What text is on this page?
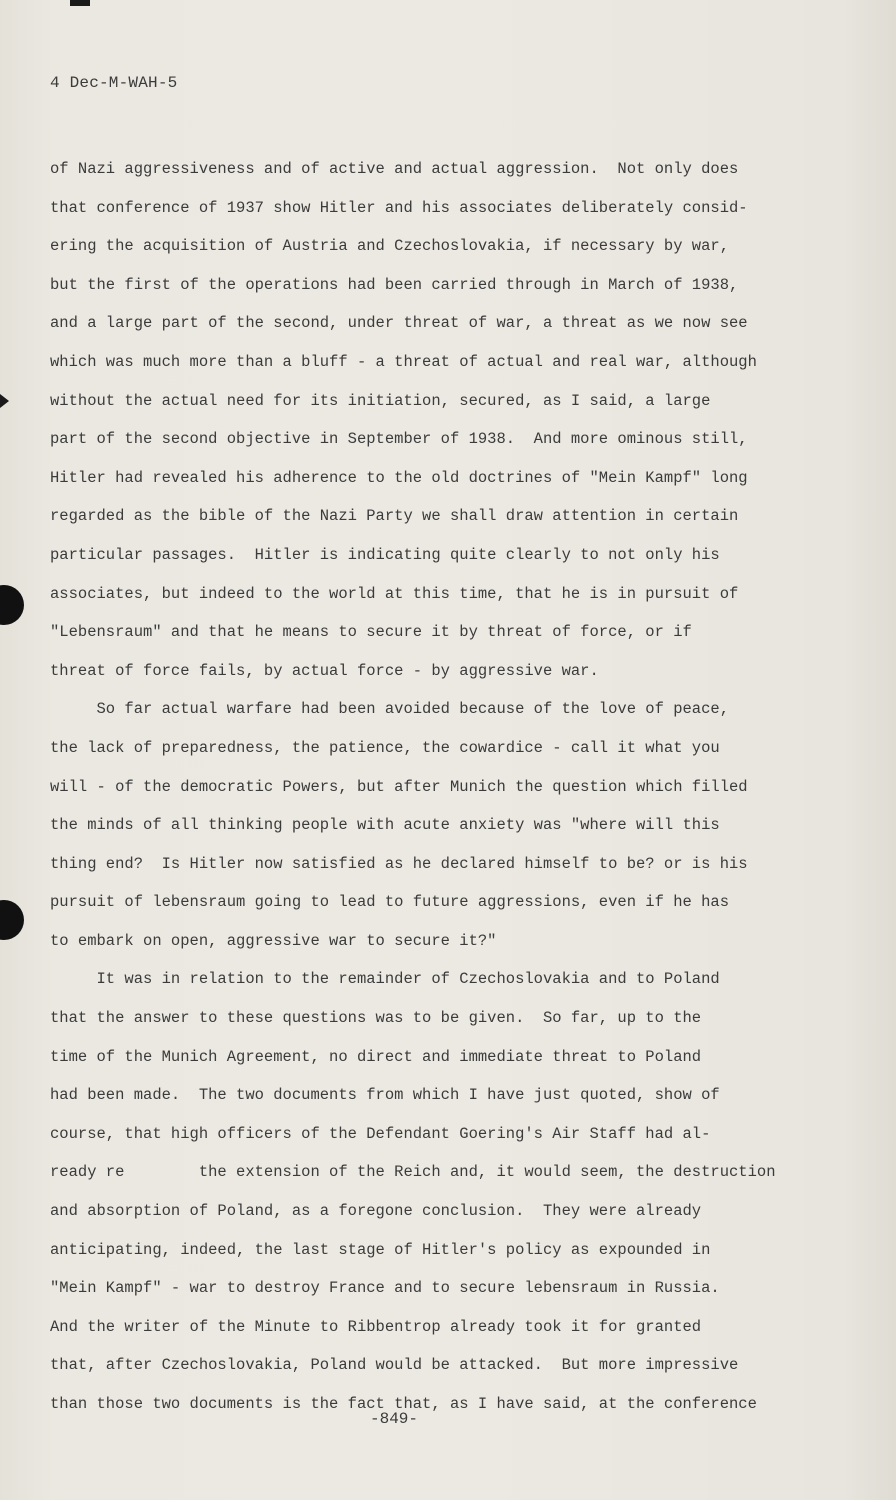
4 Dec-M-WAH-5
of Nazi aggressiveness and of active and actual aggression.  Not only does
that conference of 1937 show Hitler and his associates deliberately consid-
ering the acquisition of Austria and Czechoslovakia, if necessary by war,
but the first of the operations had been carried through in March of 1938,
and a large part of the second, under threat of war, a threat as we now see
which was much more than a bluff - a threat of actual and real war, although
without the actual need for its initiation, secured, as I said, a large
part of the second objective in September of 1938.  And more ominous still,
Hitler had revealed his adherence to the old doctrines of "Mein Kampf" long
regarded as the bible of the Nazi Party we shall draw attention in certain
particular passages.  Hitler is indicating quite clearly to not only his
associates, but indeed to the world at this time, that he is in pursuit of
"Lebensraum" and that he means to secure it by threat of force, or if
threat of force fails, by actual force - by aggressive war.
So far actual warfare had been avoided because of the love of peace,
the lack of preparedness, the patience, the cowardice - call it what you
will - of the democratic Powers, but after Munich the question which filled
the minds of all thinking people with acute anxiety was "where will this
thing end?  Is Hitler now satisfied as he declared himself to be? or is his
pursuit of lebensraum going to lead to future aggressions, even if he has
to embark on open, aggressive war to secure it?"
It was in relation to the remainder of Czechoslovakia and to Poland
that the answer to these questions was to be given.  So far, up to the
time of the Munich Agreement, no direct and immediate threat to Poland
had been made.  The two documents from which I have just quoted, show of
course, that high officers of the Defendant Goering's Air Staff had al-
ready re        the extension of the Reich and, it would seem, the destruction
and absorption of Poland, as a foregone conclusion.  They were already
anticipating, indeed, the last stage of Hitler's policy as expounded in
"Mein Kampf" - war to destroy France and to secure lebensraum in Russia.
And the writer of the Minute to Ribbentrop already took it for granted
that, after Czechoslovakia, Poland would be attacked.  But more impressive
than those two documents is the fact that, as I have said, at the conference
-849-
